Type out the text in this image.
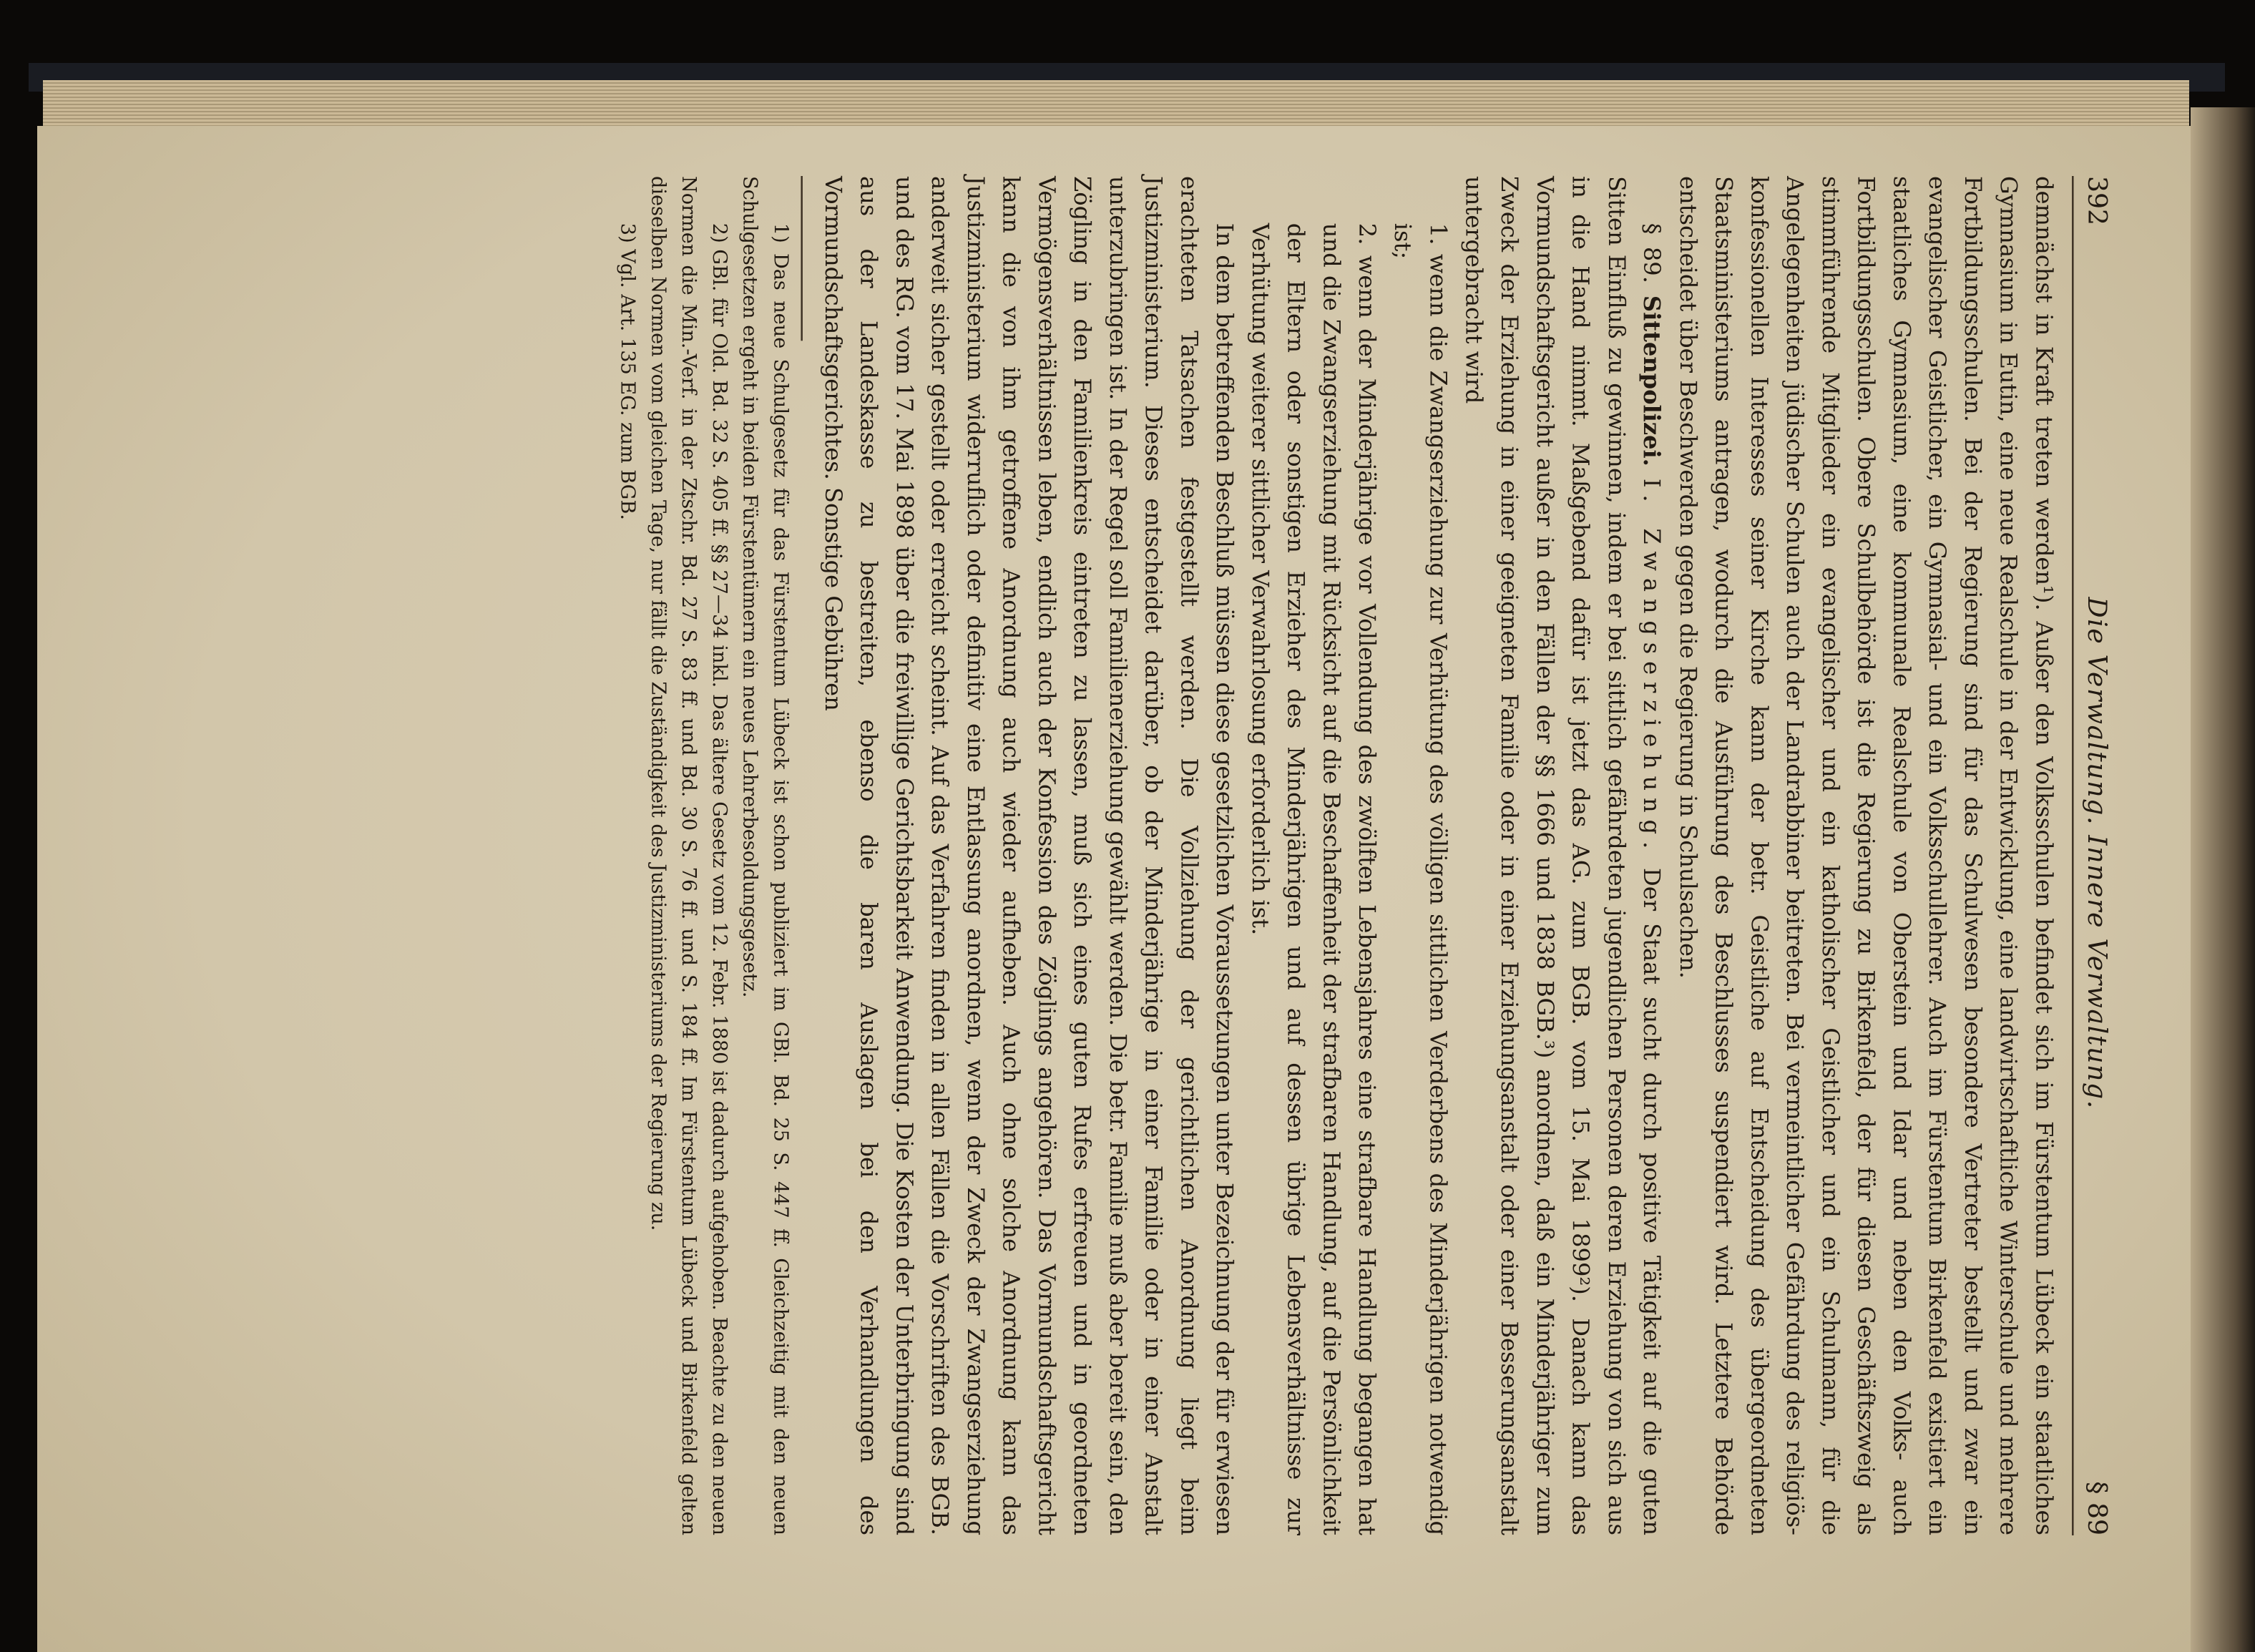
392
Die Verwaltung. Innere Verwaltung.
§ 89

demnächst in Kraft treten werden¹). Außer den Volksschulen befindet sich im Fürstentum Lübeck ein staatliches Gymnasium in Eutin, eine neue Realschule in der Entwicklung, eine landwirtschaftliche Winterschule und mehrere Fortbildungsschulen. Bei der Regierung sind für das Schulwesen besondere Vertreter bestellt und zwar ein evangelischer Geistlicher, ein Gymnasial- und ein Volksschullehrer. Auch im Fürstentum Birkenfeld existiert ein staatliches Gymnasium, eine kommunale Realschule von Oberstein und Idar und neben den Volks- auch Fortbildungsschulen. Obere Schulbehörde ist die Regierung zu Birkenfeld, der für diesen Geschäftszweig als stimmführende Mitglieder ein evangelischer und ein katholischer Geistlicher und ein Schulmann, für die Angelegenheiten jüdischer Schulen auch der Landrabbiner beitreten. Bei vermeintlicher Gefährdung des religiös-konfessionellen Interesses seiner Kirche kann der betr. Geistliche auf Entscheidung des übergeordneten Staatsministeriums antragen, wodurch die Ausführung des Beschlusses suspendiert wird. Letztere Behörde entscheidet über Beschwerden gegen die Regierung in Schulsachen.

§ 89. Sittenpolizei. I. Zwangserziehung. Der Staat sucht durch positive Tätigkeit auf die guten Sitten Einfluß zu gewinnen, indem er bei sittlich gefährdeten jugendlichen Personen deren Erziehung von sich aus in die Hand nimmt. Maßgebend dafür ist jetzt das AG. zum BGB. vom 15. Mai 1899²). Danach kann das Vormundschaftsgericht außer in den Fällen der §§ 1666 und 1838 BGB.³) anordnen, daß ein Minderjähriger zum Zweck der Erziehung in einer geeigneten Familie oder in einer Erziehungsanstalt oder einer Besserungsanstalt untergebracht wird

1. wenn die Zwangserziehung zur Verhütung des völligen sittlichen Verderbens des Minderjährigen notwendig ist;

2. wenn der Minderjährige vor Vollendung des zwölften Lebensjahres eine strafbare Handlung begangen hat und die Zwangserziehung mit Rücksicht auf die Beschaffenheit der strafbaren Handlung, auf die Persönlichkeit der Eltern oder sonstigen Erzieher des Minderjährigen und auf dessen übrige Lebensverhältnisse zur Verhütung weiterer sittlicher Verwahrlosung erforderlich ist.

In dem betreffenden Beschluß müssen diese gesetzlichen Voraussetzungen unter Bezeichnung der für erwiesen erachteten Tatsachen festgestellt werden. Die Vollziehung der gerichtlichen Anordnung liegt beim Justizministerium. Dieses entscheidet darüber, ob der Minderjährige in einer Familie oder in einer Anstalt unterzubringen ist. In der Regel soll Familienerziehung gewählt werden. Die betr. Familie muß aber bereit sein, den Zögling in den Familienkreis eintreten zu lassen, muß sich eines guten Rufes erfreuen und in geordneten Vermögensverhältnissen leben, endlich auch der Konfession des Zöglings angehören. Das Vormundschaftsgericht kann die von ihm getroffene Anordnung auch wieder aufheben. Auch ohne solche Anordnung kann das Justizministerium widerruflich oder definitiv eine Entlassung anordnen, wenn der Zweck der Zwangserziehung anderweit sicher gestellt oder erreicht scheint. Auf das Verfahren finden in allen Fällen die Vorschriften des BGB. und des RG. vom 17. Mai 1898 über die freiwillige Gerichtsbarkeit Anwendung. Die Kosten der Unterbringung sind aus der Landeskasse zu bestreiten, ebenso die baren Auslagen bei den Verhandlungen des Vormundschaftsgerichtes. Sonstige Gebühren

1) Das neue Schulgesetz für das Fürstentum Lübeck ist schon publiziert im GBl. Bd. 25 S. 447 ff. Gleichzeitig mit den neuen Schulgesetzen ergeht in beiden Fürstentümern ein neues Lehrerbesoldungsgesetz.

2) GBl. für Old. Bd. 32 S. 405 ff. §§ 27—34 inkl. Das ältere Gesetz vom 12. Febr. 1880 ist dadurch aufgehoben. Beachte zu den neuen Normen die Min.-Verf. in der Ztschr. Bd. 27 S. 83 ff. und Bd. 30 S. 76 ff. und S. 184 ff. Im Fürstentum Lübeck und Birkenfeld gelten dieselben Normen vom gleichen Tage, nur fällt die Zuständigkeit des Justizministeriums der Regierung zu.

3) Vgl. Art. 135 EG. zum BGB.
